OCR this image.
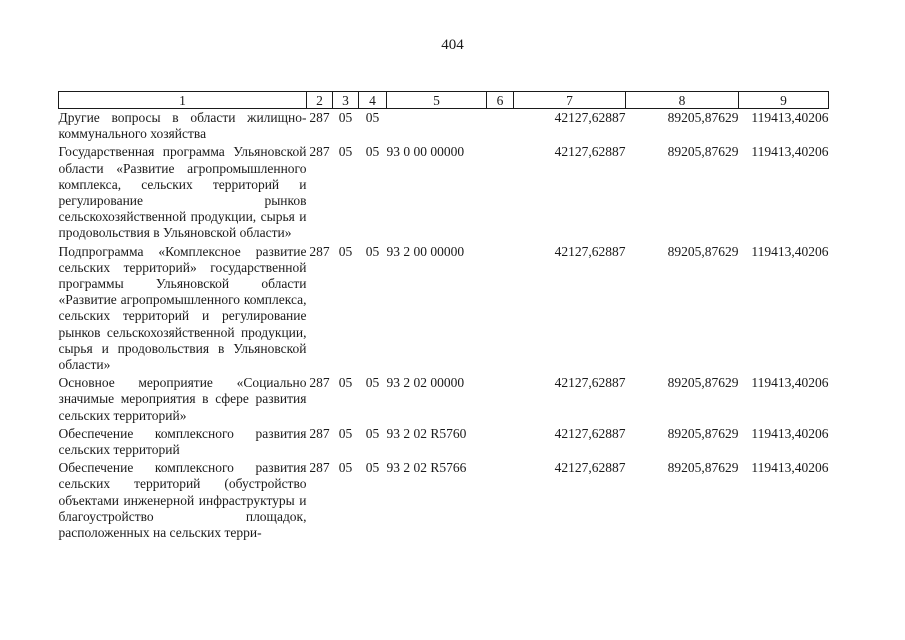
404
1	2	3	4	5	6	7	8	9
Другие вопросы в области жилищно-коммунального хозяйства	287	05	05			42127,62887	89205,87629	119413,40206
Государственная программа Ульяновской области «Развитие агропромышленного комплекса, сельских территорий и регулирование рынков сельскохозяйственной продукции, сырья и продовольствия в Ульяновской области»	287	05	05	93 0 00 00000		42127,62887	89205,87629	119413,40206
Подпрограмма «Комплексное развитие сельских территорий» государственной программы Ульяновской области «Развитие агропромышленного комплекса, сельских территорий и регулирование рынков сельскохозяйственной продукции, сырья и продовольствия в Ульяновской области»	287	05	05	93 2 00 00000		42127,62887	89205,87629	119413,40206
Основное мероприятие «Социально значимые мероприятия в сфере развития сельских территорий»	287	05	05	93 2 02 00000		42127,62887	89205,87629	119413,40206
Обеспечение комплексного развития сельских территорий	287	05	05	93 2 02 R5760		42127,62887	89205,87629	119413,40206
Обеспечение комплексного развития сельских территорий (обустройство объектами инженерной инфраструктуры и благоустройство площадок, расположенных на сельских терри-	287	05	05	93 2 02 R5766		42127,62887	89205,87629	119413,40206
